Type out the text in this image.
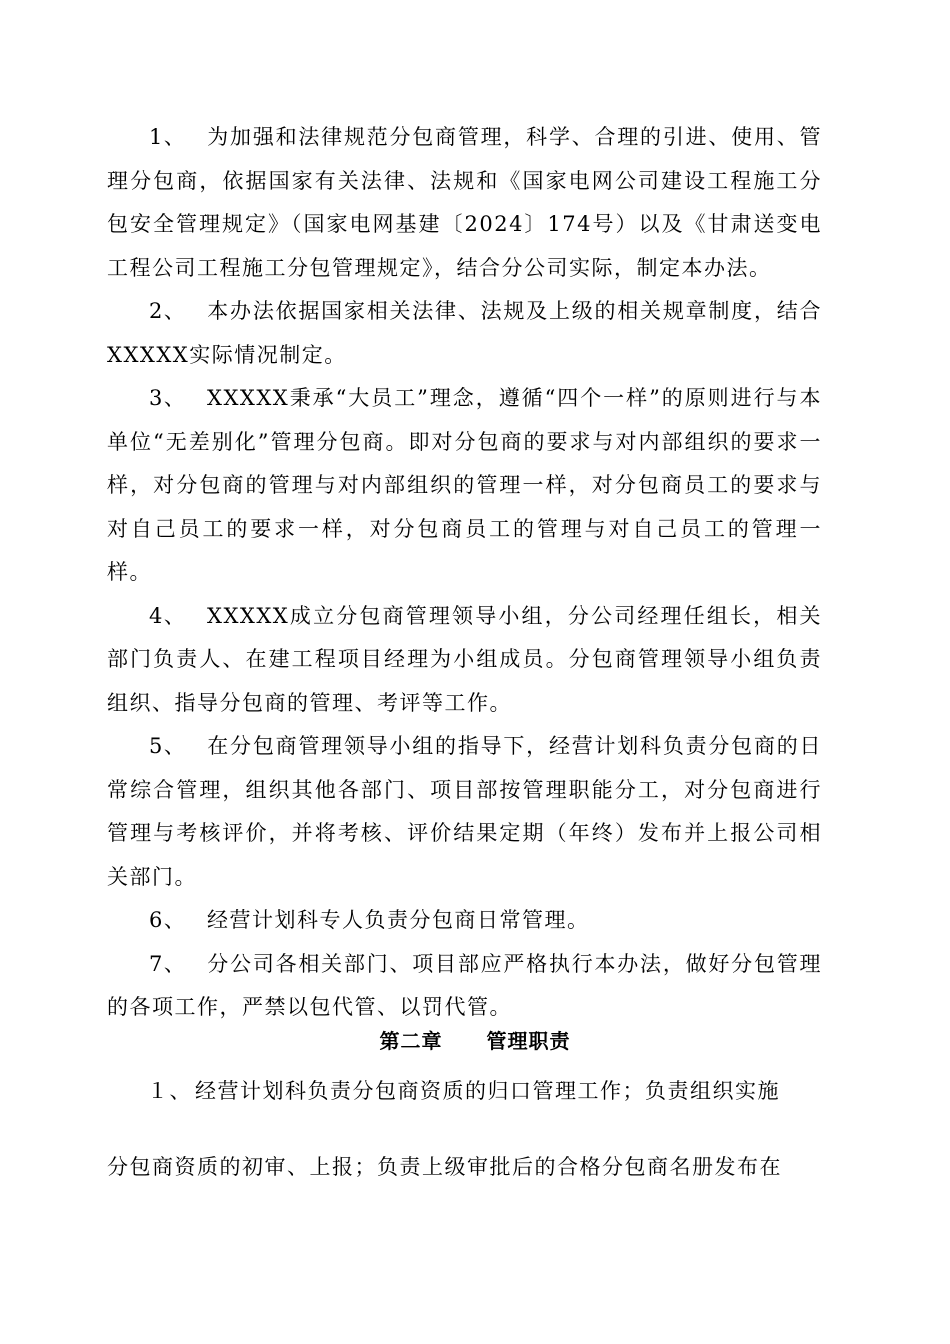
1、 为加强和法律规范分包商管理，科学、合理的引进、使用、管理分包商，依据国家有关法律、法规和《国家电网公司建设工程施工分包安全管理规定》（国家电网基建〔2024〕174号）以及《甘肃送变电工程公司工程施工分包管理规定》，结合分公司实际，制定本办法。

2、 本办法依据国家相关法律、法规及上级的相关规章制度，结合XXXXX实际情况制定。

3、 XXXXX秉承“大员工”理念，遵循“四个一样”的原则进行与本单位“无差别化”管理分包商。即对分包商的要求与对内部组织的要求一样，对分包商的管理与对内部组织的管理一样，对分包商员工的要求与对自己员工的要求一样，对分包商员工的管理与对自己员工的管理一样。

4、 XXXXX成立分包商管理领导小组，分公司经理任组长，相关部门负责人、在建工程项目经理为小组成员。分包商管理领导小组负责组织、指导分包商的管理、考评等工作。

5、 在分包商管理领导小组的指导下，经营计划科负责分包商的日常综合管理，组织其他各部门、项目部按管理职能分工，对分包商进行管理与考核评价，并将考核、评价结果定期（年终）发布并上报公司相关部门。

6、 经营计划科专人负责分包商日常管理。

7、 分公司各相关部门、项目部应严格执行本办法，做好分包管理的各项工作，严禁以包代管、以罚代管。

第二章 管理职责
１、 经营计划科负责分包商资质的归口管理工作；负责组织实施
分包商资质的初审、上报；负责上级审批后的合格分包商名册发布在
